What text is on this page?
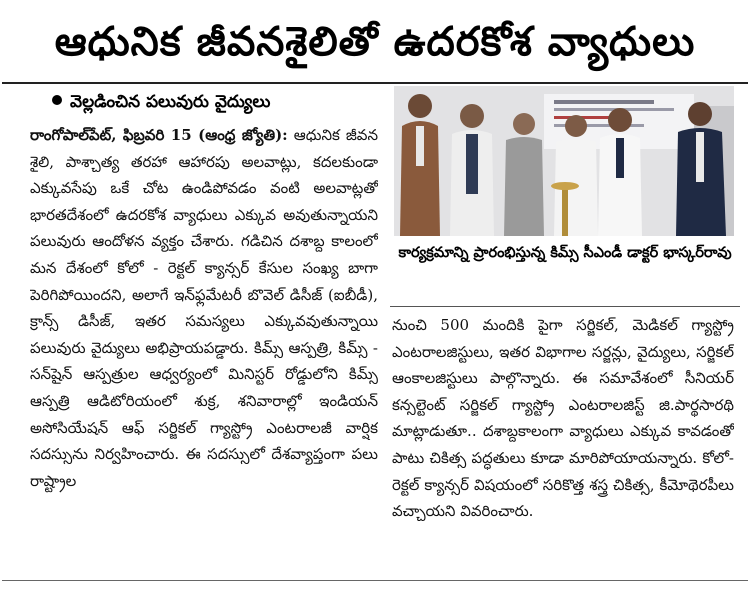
ఆధునిక జీవనశైలితో ఉదరకోశ వ్యాధులు
వెల్లడించిన పలువురు వైద్యులు
రాంగోపాల్‌పేట్, ఫిబ్రవరి 15 (ఆంధ్ర జ్యోతి): ఆధునిక జీవన శైలి, పాశ్చాత్య తరహా ఆహారపు అలవాట్లు, కదలకుండా ఎక్కువసేపు ఒకే చోట ఉండిపోవడం వంటి అలవాట్లతో భారతదేశంలో ఉదరకోశ వ్యాధులు ఎక్కువ అవుతున్నాయని పలువురు ఆందోళన వ్యక్తం చేశారు. గడిచిన దశాబ్ద కాలంలో మన దేశంలో కోలో - రెక్టల్ క్యాన్సర్ కేసుల సంఖ్య బాగా పెరిగిపోయిందని, అలాగే ఇన్‌ఫ్లమేటరీ బొవెల్ డిసీజ్ (ఐబీడీ), క్రాన్స్ డిసీజ్, ఇతర సమస్యలు ఎక్కువవుతున్నాయి పలువురు వైద్యులు అభిప్రాయపడ్డారు. కిమ్స్ ఆస్పత్రి, కిమ్స్ - సన్‌షైన్ ఆస్పత్రుల ఆధ్వర్యంలో మినిస్టర్ రోడ్డులోని కిమ్స్ ఆస్పత్రి ఆడిటోరియంలో శుక్ర, శనివారాల్లో ఇండియన్ అసోసియేషన్ ఆఫ్ సర్జికల్ గ్యాస్ట్రో ఎంటరాలజీ వార్షిక సదస్సును నిర్వహించారు. ఈ సదస్సులో దేశవ్యాప్తంగా పలు రాష్ట్రాల
కార్యక్రమాన్ని ప్రారంభిస్తున్న కిమ్స్ సీఎండీ డాక్టర్ భాస్కర్‌రావు
నుంచి 500 మందికి పైగా సర్జికల్, మెడికల్ గ్యాస్ట్రో ఎంటరాలజిస్టులు, ఇతర విభాగాల సర్జన్లు, వైద్యులు, సర్జికల్ ఆంకాలజిస్టులు పాల్గొన్నారు. ఈ సమావేశంలో సీనియర్ కన్సల్టెంట్ సర్జికల్ గ్యాస్ట్రో ఎంటరాలజిస్ట్ జి.పార్థసారథి మాట్లాడుతూ.. దశాబ్దకాలంగా వ్యాధులు ఎక్కువ కావడంతో పాటు చికిత్స పద్ధతులు కూడా మారిపోయాయన్నారు. కోలో- రెక్టల్ క్యాన్సర్ విషయంలో సరికొత్త శస్త్ర చికిత్స, కీమోథెరపీలు వచ్చాయని వివరించారు.
